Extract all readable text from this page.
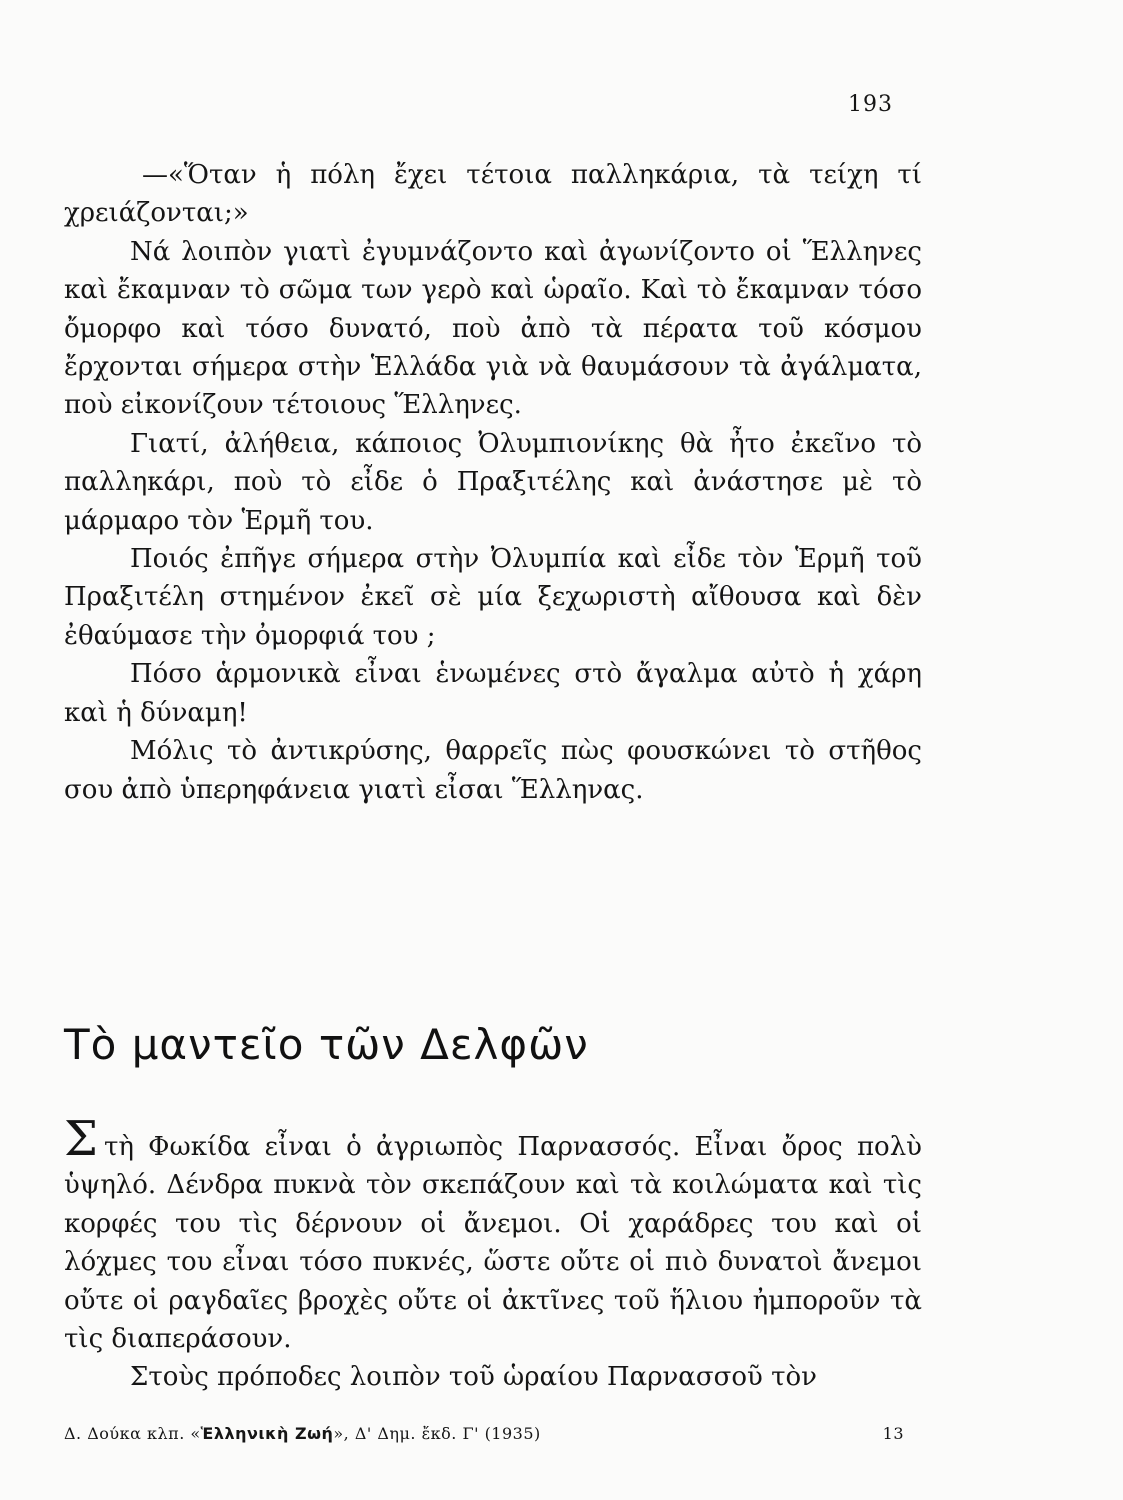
193

—«Ὅταν ἡ πόλη ἔχει τέτοια παλληκάρια, τὰ τείχη τί χρειάζονται;»

Νά λοιπὸν γιατὶ ἐγυμνάζοντο καὶ ἀγωνίζοντο οἱ Ἕλληνες καὶ ἔκαμναν τὸ σῶμα των γερὸ καὶ ὡραῖο. Καὶ τὸ ἔκαμναν τόσο ὄμορφο καὶ τόσο δυνατό, ποὺ ἀπὸ τὰ πέρατα τοῦ κόσμου ἔρχονται σήμερα στὴν Ἑλλάδα γιὰ νὰ θαυμάσουν τὰ ἀγάλματα, ποὺ εἰκονίζουν τέτοιους Ἕλληνες.

Γιατί, ἀλήθεια, κάποιος Ὀλυμπιονίκης θὰ ἦτο ἐκεῖνο τὸ παλληκάρι, ποὺ τὸ εἶδε ὁ Πραξιτέλης καὶ ἀνάστησε μὲ τὸ μάρμαρο τὸν Ἑρμῆ του.

Ποιός ἐπῆγε σήμερα στὴν Ὀλυμπία καὶ εἶδε τὸν Ἑρμῆ τοῦ Πραξιτέλη στημένον ἐκεῖ σὲ μία ξεχωριστὴ αἴθουσα καὶ δὲν ἐθαύμασε τὴν ὀμορφιά του ;

Πόσο ἁρμονικὰ εἶναι ἑνωμένες στὸ ἄγαλμα αὐτὸ ἡ χάρη καὶ ἡ δύναμη!

Μόλις τὸ ἀντικρύσης, θαρρεῖς πὼς φουσκώνει τὸ στῆθος σου ἀπὸ ὑπερηφάνεια γιατὶ εἶσαι Ἕλληνας.

Τὸ μαντεῖο τῶν Δελφῶν

Στὴ Φωκίδα εἶναι ὁ ἀγριωπὸς Παρνασσός. Εἶναι ὄρος πολὺ ὑψηλό. Δένδρα πυκνὰ τὸν σκεπάζουν καὶ τὰ κοιλώματα καὶ τὶς κορφές του τὶς δέρνουν οἱ ἄνεμοι. Οἱ χαράδρες του καὶ οἱ λόχμες του εἶναι τόσο πυκνές, ὥστε οὔτε οἱ πιὸ δυνατοὶ ἄνεμοι οὔτε οἱ ραγδαῖες βροχὲς οὔτε οἱ ἀκτῖνες τοῦ ἥλιου ἠμποροῦν τὰ τὶς διαπεράσουν.

Στοὺς πρόποδες λοιπὸν τοῦ ὡραίου Παρνασσοῦ τὸν

Δ. Δούκα κλπ. «Ἑλληνικὴ Ζωή», Δ' Δημ. ἔκδ. Γ' (1935)	13
